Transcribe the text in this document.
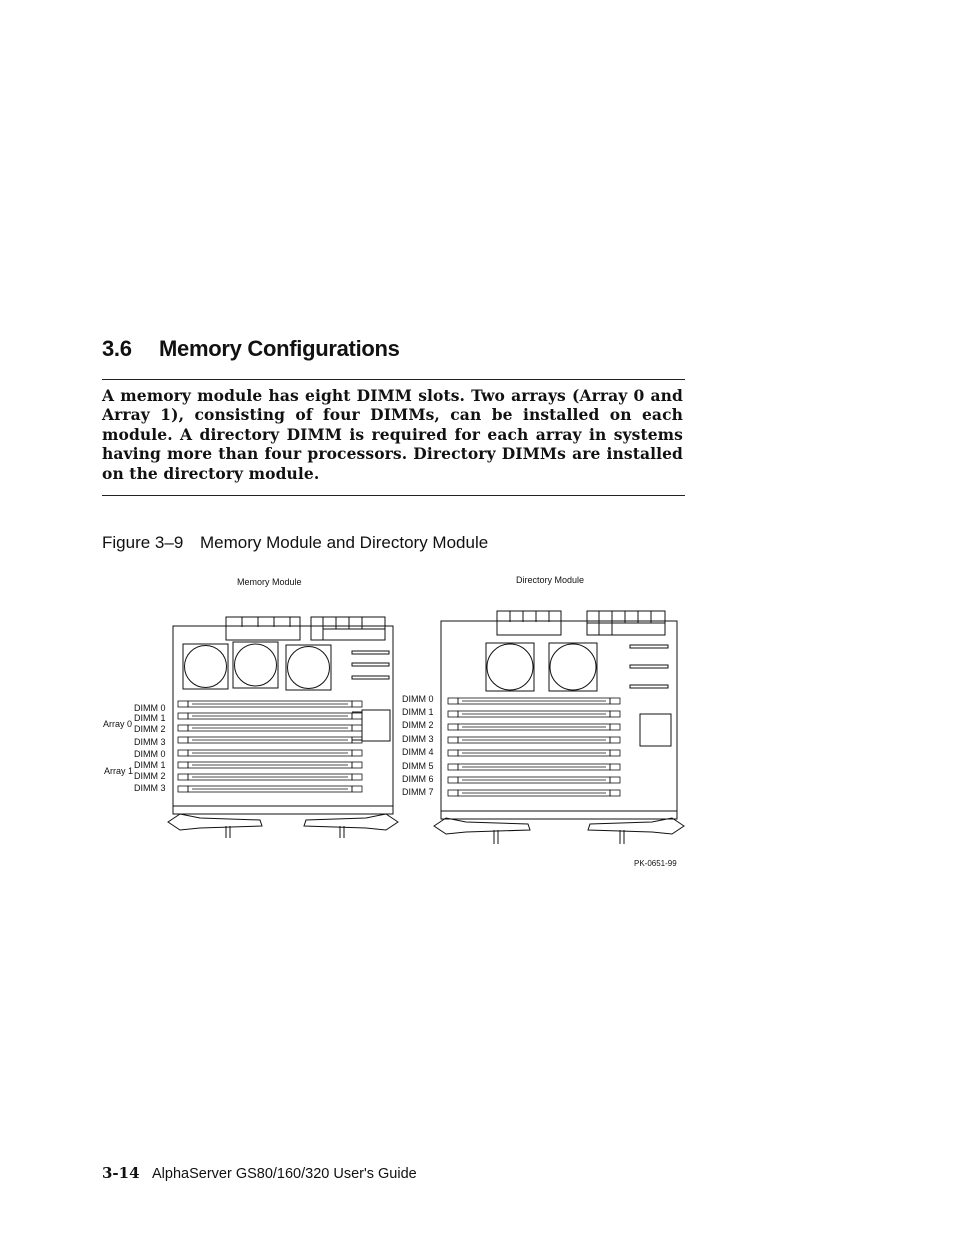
3.6 Memory Configurations

A memory module has eight DIMM slots. Two arrays (Array 0 and Array 1), consisting of four DIMMs, can be installed on each module. A directory DIMM is required for each array in systems having more than four processors. Directory DIMMs are installed on the directory module.

Figure 3–9 Memory Module and Directory Module
Memory Module	Directory Module
DIMM 0
DIMM 1
DIMM 2
DIMM 3
DIMM 0
DIMM 1
DIMM 2
DIMM 3
Array 0
Array 1
DIMM 0
DIMM 1
DIMM 2
DIMM 3
DIMM 4
DIMM 5
DIMM 6
DIMM 7
PK-0651-99
3-14 AlphaServer GS80/160/320 User's Guide
